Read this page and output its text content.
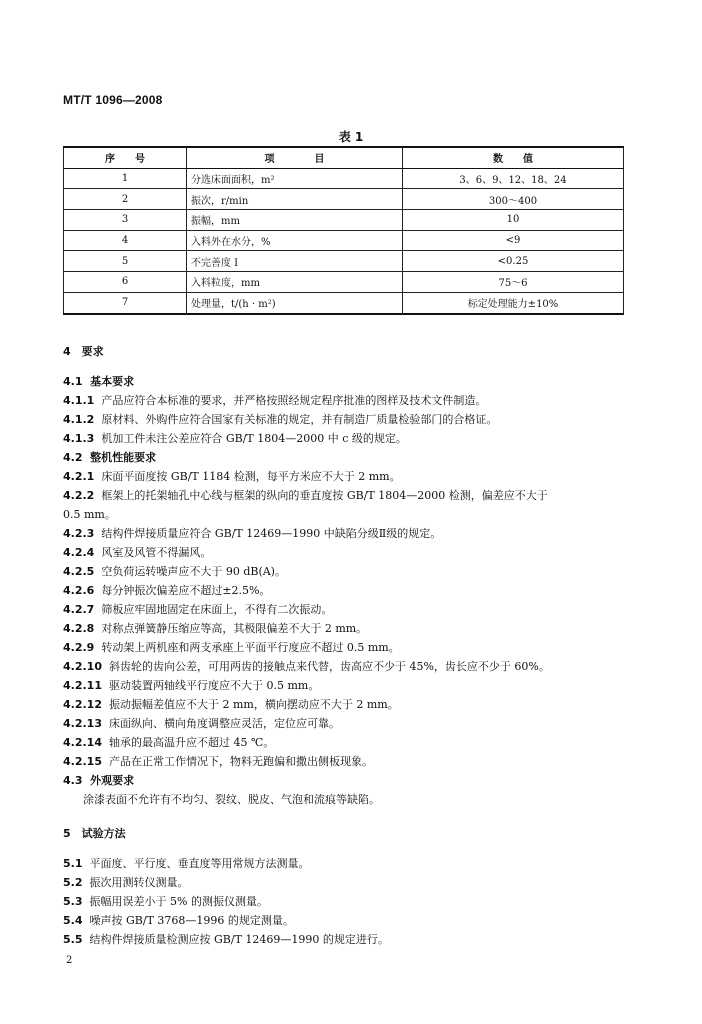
MT/T 1096—2008
表 1
序　　号	项　　　　目	数　　值
1	分选床面面积，m²	3、6、9、12、18、24
2	振次，r/min	300～400
3	振幅，mm	10
4	入料外在水分，%	<9
5	不完善度 I	<0.25
6	入料粒度，mm	75～6
7	处理量，t/(h · m²)	标定处理能力±10%
4　要求
4.1 基本要求
4.1.1 产品应符合本标准的要求，并严格按照经规定程序批准的图样及技术文件制造。
4.1.2 原材料、外购件应符合国家有关标准的规定，并有制造厂质量检验部门的合格证。
4.1.3 机加工件未注公差应符合 GB/T 1804—2000 中 c 级的规定。
4.2 整机性能要求
4.2.1 床面平面度按 GB/T 1184 检测，每平方米应不大于 2 mm。
4.2.2 框架上的托架轴孔中心线与框架的纵向的垂直度按 GB/T 1804—2000 检测，偏差应不大于
0.5 mm。
4.2.3 结构件焊接质量应符合 GB/T 12469—1990 中缺陷分级Ⅱ级的规定。
4.2.4 风室及风管不得漏风。
4.2.5 空负荷运转噪声应不大于 90 dB(A)。
4.2.6 每分钟振次偏差应不超过±2.5%。
4.2.7 筛板应牢固地固定在床面上，不得有二次振动。
4.2.8 对称点弹簧静压缩应等高，其极限偏差不大于 2 mm。
4.2.9 转动架上两机座和两支承座上平面平行度应不超过 0.5 mm。
4.2.10 斜齿轮的齿向公差，可用两齿的接触点来代替，齿高应不少于 45%，齿长应不少于 60%。
4.2.11 驱动装置两轴线平行度应不大于 0.5 mm。
4.2.12 振动振幅差值应不大于 2 mm，横向摆动应不大于 2 mm。
4.2.13 床面纵向、横向角度调整应灵活，定位应可靠。
4.2.14 轴承的最高温升应不超过 45 ℃。
4.2.15 产品在正常工作情况下，物料无跑偏和撒出侧板现象。
4.3 外观要求
涂漆表面不允许有不均匀、裂纹、脱皮、气泡和流痕等缺陷。
5　试验方法
5.1 平面度、平行度、垂直度等用常规方法测量。
5.2 振次用测转仪测量。
5.3 振幅用误差小于 5% 的测振仪测量。
5.4 噪声按 GB/T 3768—1996 的规定测量。
5.5 结构件焊接质量检测应按 GB/T 12469—1990 的规定进行。
2
